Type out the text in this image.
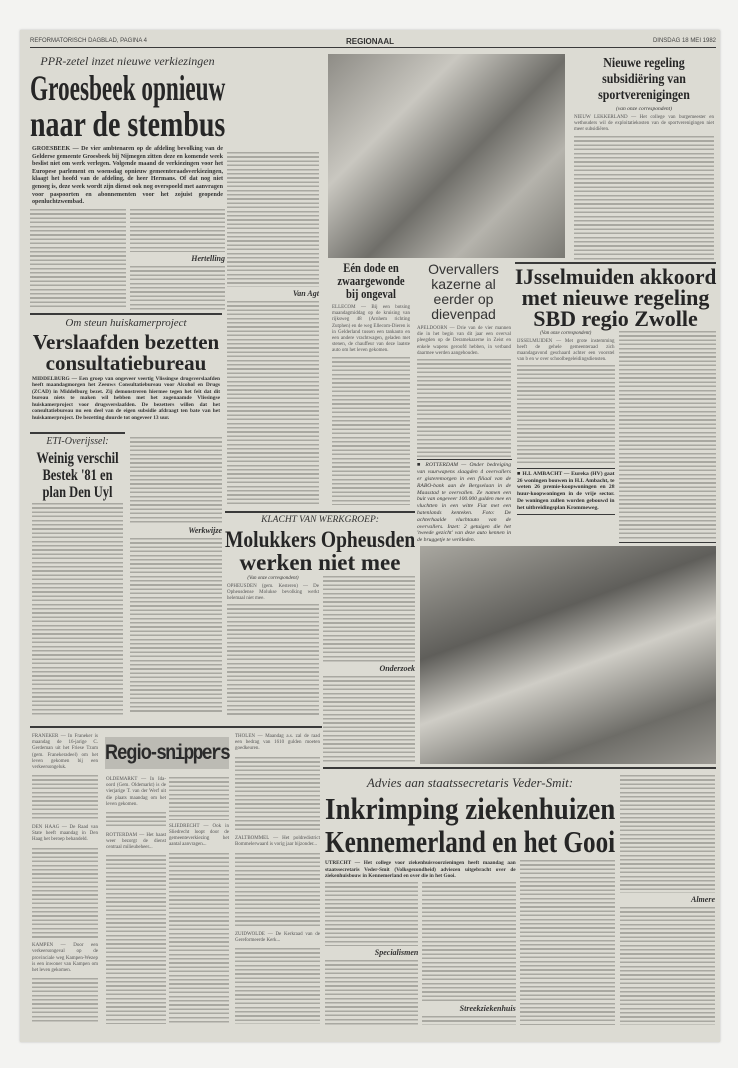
REFORMATORISCH DAGBLAD, PAGINA 4	REGIONAAL	DINSDAG 18 MEI 1982
PPR-zetel inzet nieuwe verkiezingen
Groesbeek opnieuw
naar de stembus
GROESBEEK — De vier ambtenaren op de afdeling bevolking van de Gelderse gemeente Groesbeek bij Nijmegen zitten deze en komende week beslist niet om werk verlegen. Volgende maand de verkiezingen voor het Europese parlement en woensdag opnieuw gemeenteraadsverkiezingen, klaagt het hoofd van de afdeling, de heer Hermans. Of dat nog niet genoeg is, deze week wordt zijn dienst ook nog overspoeld met aanvragen voor paspoorten en abonnementen voor het zojuist geopende openluchtzwembad.
Hertelling
Van Agt
Nieuwe regeling subsidiëring van sportverenigingen
(van onze correspondent)
NIEUW LEKKERLAND — Het college van burgemeester en wethouders wil de exploitatiekosten van de sportverenigingen niet meer subsidiëren.
Om steun huiskamerproject
Verslaafden bezetten
consultatiebureau
MIDDELBURG — Een groep van ongeveer veertig Vlissingse drugsverslaafden heeft maandagmorgen het Zeeuws Consultatiebureau voor Alcohol en Drugs (ZCAD) in Middelburg bezet. Zij demonstreren hiermee tegen het feit dat dit bureau niets te maken wil hebben met het zogenaamde Vlissingse huiskamerproject voor drugsverslaafden. De bezetters willen dat het consultatiebureau nu een deel van de eigen subsidie afdraagt ten bate van het huiskamerproject. De bezetting duurde tot ongeveer 13 uur.
ETI-Overijssel:
Weinig verschil Bestek '81 en plan Den Uyl
Werkwijze
Eén dode en zwaargewonde bij ongeval
ELLECOM — Bij een botsing maandagmiddag op de kruising van rijksweg 48 (Arnhem richting Zutphen) en de weg Ellecom-Dieren is in Gelderland tussen een tankauto en een andere vrachtwagen, geladen met stenen, de chauffeur van deze laatste auto om het leven gekomen.
Overvallers kazerne al eerder op dievenpad
APELDOORN — Drie van de vier mannen die in het begin van dit jaar een overval pleegden op de Deramekazerne in Zeist en enkele wapens geroofd hebben, in verband daarmee werden aangehouden.
■ ROTTERDAM — Onder bedreiging van vuurwapens slaagden 4 overvallers er gisteremorgen in een filiaal van de RABO-bank aan de Bergselaan in de Maasstad te overvallen. Ze namen een buit van ongeveer 100.000 gulden mee en vluchtten in een witte Fiat met een hatenlands kenteken. Foto: De achterhaalde vluchtauto van de overvallers. Inzet: 2 getuigen die het 'tweede gezicht' van deze auto kennen in de bruggetje te verkleden.
IJsselmuiden akkoord
met nieuwe regeling
SBD regio Zwolle
(Van onze correspondent)
IJSSELMUIDEN — Met grote instemming heeft de gehele gemeenteraad zich maandagavond geschaard achter een voorstel van b en w over schoolbegeleidingsdiensten.
■ H.I. AMBACHT — Eureka (HV) gaat 26 woningen bouwen in H.I. Ambacht, te weten 26 premie-koopwoningen en 28 huur-koopwoningen in de vrije sector. De woningen zullen worden gebouwd in het uitbreidingsplan Krommeweg.
KLACHT VAN WERKGROEP:
Molukkers Opheusden
werken niet mee
(Van onze correspondent)
OPHEUSDEN (gem. Kesteren) — De Opheusdense Molukse bevolking werkt helemaal niet mee.
Onderzoek
FRANEKER — In Franeker is maandag de 16-jarige C. Gerdeman uit het Friese Tzum (gem. Franekeradeel) om het leven gekomen bij een verkeersongeluk.
DEN HAAG — De Raad van State heeft maandag in Den Haag het beroep behandeld.
KAMPEN — Door een verkeersongeval op de provinciale weg Kampen-Wezep is een inwoner van Kampen om het leven gekomen.
Regio-snippers
OLDEMARKT — In Ida-oord (Gem. Oldemarkt) is de vierjarige T. van der Werf uit die plaats maandag om het leven gekomen.
ROTTERDAM — Het haast weer bezorgt de dienst centraal milieubeheer...
SLIEDRECHT — Ook in Sliedrecht loopt door de gemeenteverkiezing het aantal aanvragen...
THOLEN — Maandag a.s. zal de raad een bedrag van 1610 gulden moeten goedkeuren.
ZALTBOMMEL — Het poldredistrict Bommelerwaard is vorig jaar bijzonder...
ZUIDWOLDE — De Kerkraad van de Gereformeerde Kerk...
Advies aan staatssecretaris Veder-Smit:
Inkrimping ziekenhuizen
Kennemerland en het Gooi
UTRECHT — Het college voor ziekenhuisvoorzieningen heeft maandag aan staatssecretaris Veder-Smit (Volksgezondheid) adviezen uitgebracht over de ziekenhuisbouw in Kennemerland en over die in het Gooi.
Specialismen
Streekziekenhuis
Almere
